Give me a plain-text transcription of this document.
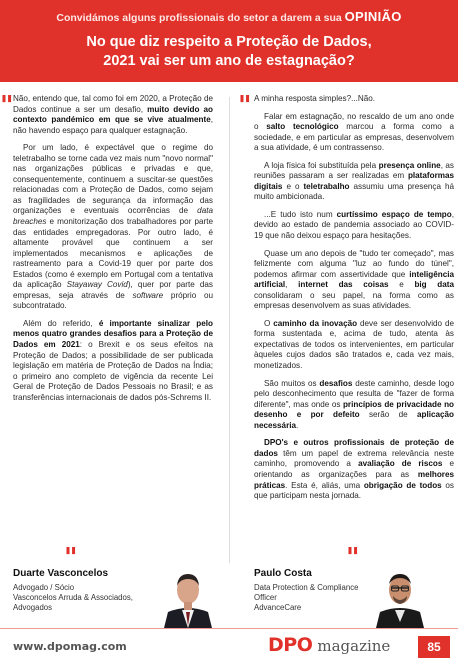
Convidámos alguns profissionais do setor a darem a sua OPINIÃO
No que diz respeito a Proteção de Dados,
2021 vai ser um ano de estagnação?
"	"

Não, entendo que, tal como foi em 2020, a Proteção de Dados continue a ser um desafio, muito devido ao contexto pandémico em que se vive atualmente, não havendo espaço para qualquer estagnação.

Por um lado, é expectável que o regime do teletrabalho se torne cada vez mais num "novo normal" nas organizações públicas e privadas e que, consequentemente, continuem a suscitar-se questões relacionadas com a Proteção de Dados, como sejam as fragilidades de segurança da informação das organizações e eventuais ocorrências de data breaches e monitorização dos trabalhadores por parte das entidades empregadoras. Por outro lado, é altamente provável que continuem a ser implementados mecanismos e aplicações de rastreamento para a Covid-19 quer por parte dos Estados (como é exemplo em Portugal com a tentativa da aplicação Stayaway Covid), quer por parte das empresas, seja através de software próprio ou subcontratado.

Além do referido, é importante sinalizar pelo menos quatro grandes desafios para a Proteção de Dados em 2021: o Brexit e os seus efeitos na Proteção de Dados; a possibilidade de ser publicada legislação em matéria de Proteção de Dados na Índia; o primeiro ano completo de vigência da recente Lei Geral de Proteção de Dados Pessoais no Brasil; e as transferências internacionais de dados pós-Schrems II.

"

A minha resposta simples?...Não.

Falar em estagnação, no rescaldo de um ano onde o salto tecnológico marcou a forma como a sociedade, e em particular as empresas, desenvolvem a sua atividade, é um contrassenso.

A loja física foi substituída pela presença online, as reuniões passaram a ser realizadas em plataformas digitais e o teletrabalho assumiu uma presença há muito ambicionada.

...E tudo isto num curtíssimo espaço de tempo, devido ao estado de pandemia associado ao COVID-19 que não deixou espaço para hesitações.

Quase um ano depois de "tudo ter começado", mas felizmente com alguma "luz ao fundo do túnel", podemos afirmar com assertividade que inteligência artificial, internet das coisas e big data consolidaram o seu papel, na forma como as empresas desenvolvem as suas atividades.

O caminho da inovação deve ser desenvolvido de forma sustentada e, acima de tudo, atenta às expectativas de todos os intervenientes, em particular àqueles cujos dados são tratados e, cada vez mais, monetizados.

São muitos os desafios deste caminho, desde logo pelo desconhecimento que resulta de "fazer de forma diferente", mas onde os princípios de privacidade no desenho e por defeito serão de aplicação necessária.

DPO's e outros profissionais de proteção de dados têm um papel de extrema relevância neste caminho, promovendo a avaliação de riscos e orientando as organizações para as melhores práticas. Esta é, aliás, uma obrigação de todos os que participam nesta jornada.

"
Duarte Vasconcelos
Advogado / Sócio
Vasconcelos Arruda & Associados,
Advogados
Paulo Costa
Data Protection & Compliance Officer
AdvanceCare
www.dpomag.com	DPO magazine	85
